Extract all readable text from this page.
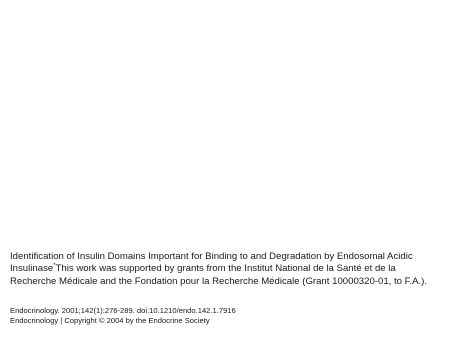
Identification of Insulin Domains Important for Binding to and Degradation by Endosomal Acidic Insulinase*This work was supported by grants from the Institut National de la Santé et de la Recherche Médicale and the Fondation pour la Recherche Médicale (Grant 10000320-01, to F.A.).
Endocrinology. 2001;142(1):276-289. doi:10.1210/endo.142.1.7916
Endocrinology | Copyright © 2004 by the Endocrine Society
